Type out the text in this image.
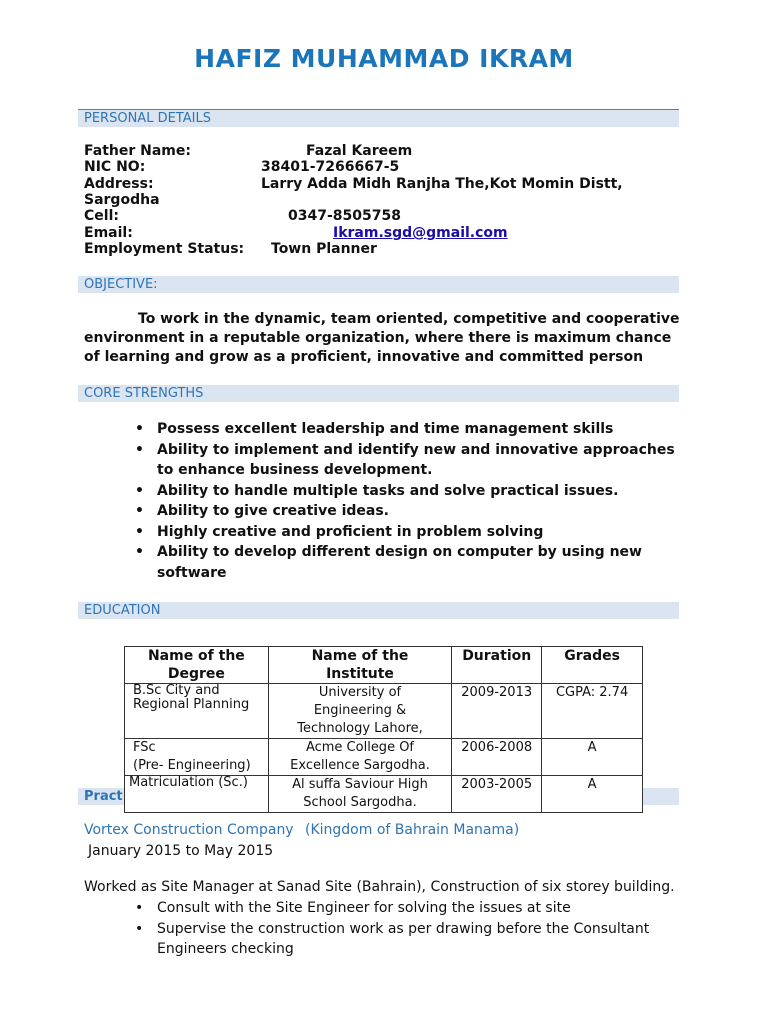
HAFIZ MUHAMMAD IKRAM
PERSONAL DETAILS
Father Name:	Fazal Kareem
NIC NO:	38401-7266667-5
Address:	Larry Adda Midh Ranjha The,Kot Momin Distt,
Sargodha
Cell:	0347-8505758
Email:	Ikram.sgd@gmail.com
Employment Status: Town Planner
OBJECTIVE:
To work in the dynamic, team oriented, competitive and cooperative
environment in a reputable organization, where there is maximum chance
of learning and grow as a proficient, innovative and committed person
CORE STRENGTHS
• Possess excellent leadership and time management skills
• Ability to implement and identify new and innovative approaches
to enhance business development.
• Ability to handle multiple tasks and solve practical issues.
• Ability to give creative ideas.
• Highly creative and proficient in problem solving
• Ability to develop different design on computer by using new
software
EDUCATION
Pract
Name of the
Degree	Name of the
Institute	Duration	Grades
B.Sc City and
Regional Planning	University of
Engineering &
Technology Lahore,	2009-2013	CGPA: 2.74
FSc
(Pre- Engineering)	Acme College Of
Excellence Sargodha.	2006-2008	A
Matriculation (Sc.)	Al suffa Saviour High
School Sargodha.	2003-2005	A
Vortex Construction Company (Kingdom of Bahrain Manama)
January 2015 to May 2015
Worked as Site Manager at Sanad Site (Bahrain), Construction of six storey building.
• Consult with the Site Engineer for solving the issues at site
• Supervise the construction work as per drawing before the Consultant
Engineers checking
